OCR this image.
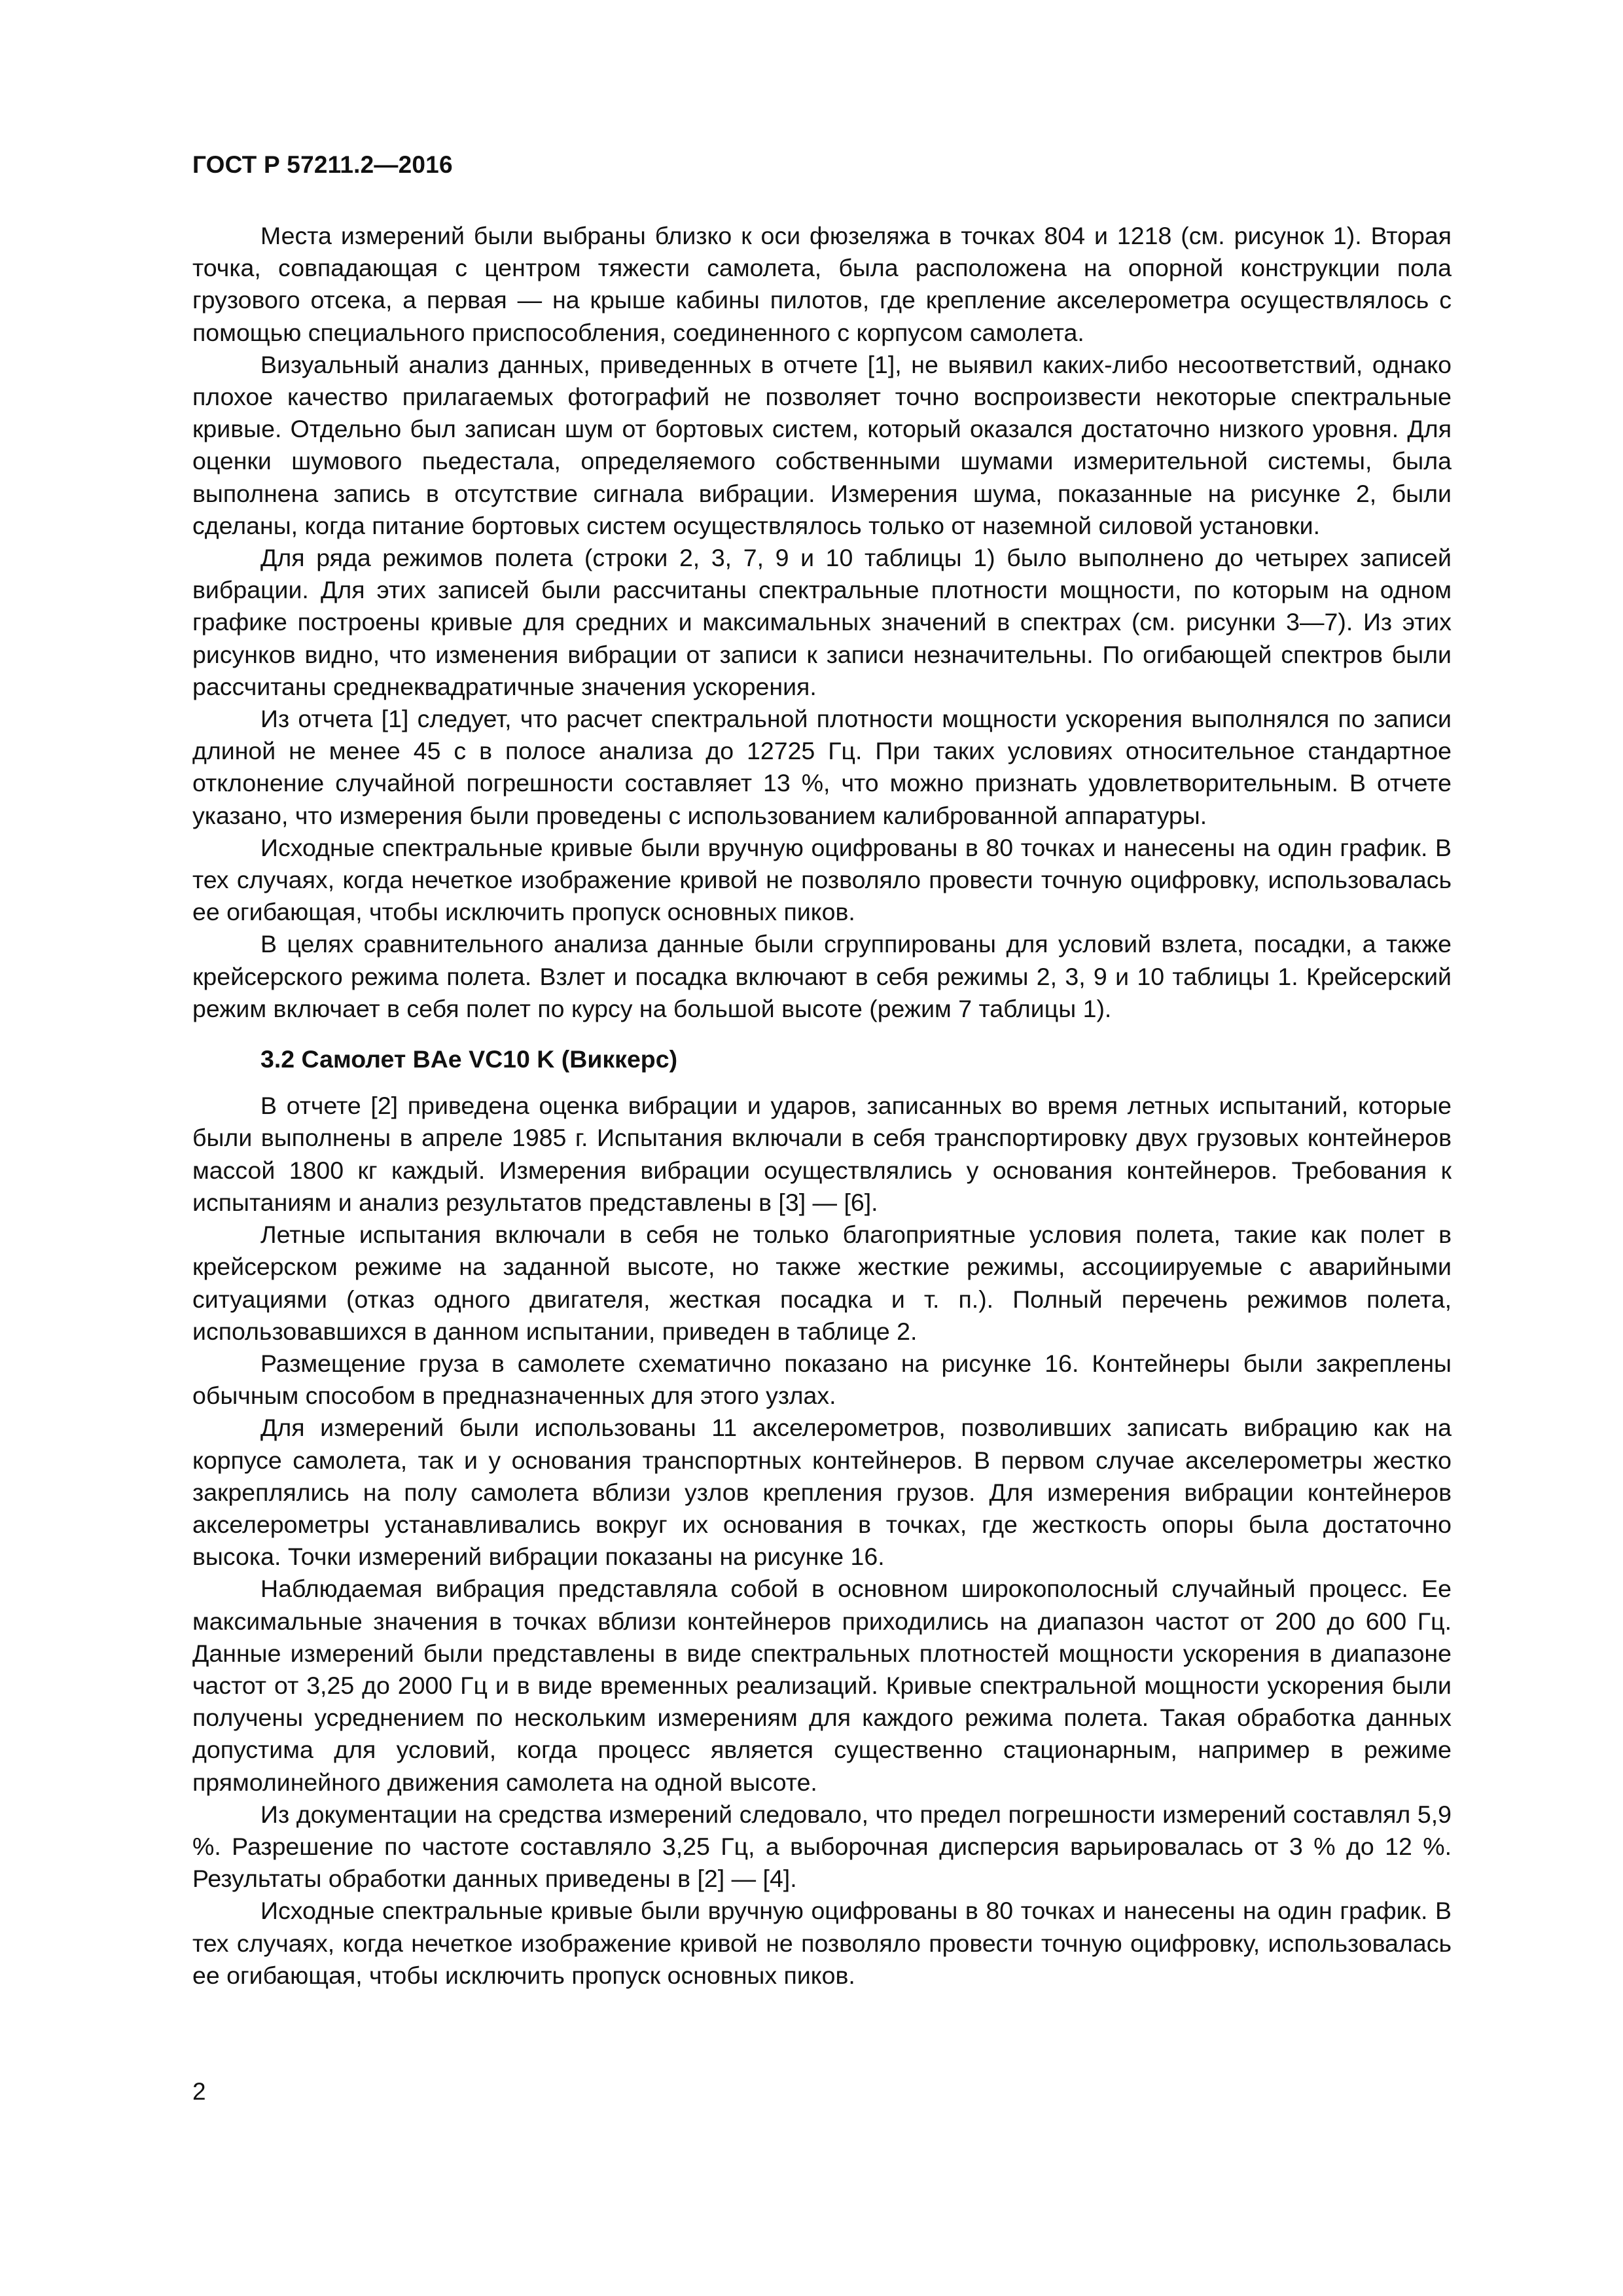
ГОСТ Р 57211.2—2016

Места измерений были выбраны близко к оси фюзеляжа в точках 804 и 1218 (см. рисунок 1). Вторая точка, совпадающая с центром тяжести самолета, была расположена на опорной конструкции пола грузового отсека, а первая — на крыше кабины пилотов, где крепление акселерометра осуществлялось с помощью специального приспособления, соединенного с корпусом самолета.

Визуальный анализ данных, приведенных в отчете [1], не выявил каких-либо несоответствий, однако плохое качество прилагаемых фотографий не позволяет точно воспроизвести некоторые спектральные кривые. Отдельно был записан шум от бортовых систем, который оказался достаточно низкого уровня. Для оценки шумового пьедестала, определяемого собственными шумами измерительной системы, была выполнена запись в отсутствие сигнала вибрации. Измерения шума, показанные на рисунке 2, были сделаны, когда питание бортовых систем осуществлялось только от наземной силовой установки.

Для ряда режимов полета (строки 2, 3, 7, 9 и 10 таблицы 1) было выполнено до четырех записей вибрации. Для этих записей были рассчитаны спектральные плотности мощности, по которым на одном графике построены кривые для средних и максимальных значений в спектрах (см. рисунки 3—7). Из этих рисунков видно, что изменения вибрации от записи к записи незначительны. По огибающей спектров были рассчитаны среднеквадратичные значения ускорения.

Из отчета [1] следует, что расчет спектральной плотности мощности ускорения выполнялся по записи длиной не менее 45 с в полосе анализа до 12725 Гц. При таких условиях относительное стандартное отклонение случайной погрешности составляет 13 %, что можно признать удовлетворительным. В отчете указано, что измерения были проведены с использованием калиброванной аппаратуры.

Исходные спектральные кривые были вручную оцифрованы в 80 точках и нанесены на один график. В тех случаях, когда нечеткое изображение кривой не позволяло провести точную оцифровку, использовалась ее огибающая, чтобы исключить пропуск основных пиков.

В целях сравнительного анализа данные были сгруппированы для условий взлета, посадки, а также крейсерского режима полета. Взлет и посадка включают в себя режимы 2, 3, 9 и 10 таблицы 1. Крейсерский режим включает в себя полет по курсу на большой высоте (режим 7 таблицы 1).

3.2 Самолет BAe VC10 K (Виккерс)

В отчете [2] приведена оценка вибрации и ударов, записанных во время летных испытаний, которые были выполнены в апреле 1985 г. Испытания включали в себя транспортировку двух грузовых контейнеров массой 1800 кг каждый. Измерения вибрации осуществлялись у основания контейнеров. Требования к испытаниям и анализ результатов представлены в [3] — [6].

Летные испытания включали в себя не только благоприятные условия полета, такие как полет в крейсерском режиме на заданной высоте, но также жесткие режимы, ассоциируемые с аварийными ситуациями (отказ одного двигателя, жесткая посадка и т. п.). Полный перечень режимов полета, использовавшихся в данном испытании, приведен в таблице 2.

Размещение груза в самолете схематично показано на рисунке 16. Контейнеры были закреплены обычным способом в предназначенных для этого узлах.

Для измерений были использованы 11 акселерометров, позволивших записать вибрацию как на корпусе самолета, так и у основания транспортных контейнеров. В первом случае акселерометры жестко закреплялись на полу самолета вблизи узлов крепления грузов. Для измерения вибрации контейнеров акселерометры устанавливались вокруг их основания в точках, где жесткость опоры была достаточно высока. Точки измерений вибрации показаны на рисунке 16.

Наблюдаемая вибрация представляла собой в основном широкополосный случайный процесс. Ее максимальные значения в точках вблизи контейнеров приходились на диапазон частот от 200 до 600 Гц. Данные измерений были представлены в виде спектральных плотностей мощности ускорения в диапазоне частот от 3,25 до 2000 Гц и в виде временных реализаций. Кривые спектральной мощности ускорения были получены усреднением по нескольким измерениям для каждого режима полета. Такая обработка данных допустима для условий, когда процесс является существенно стационарным, например в режиме прямолинейного движения самолета на одной высоте.

Из документации на средства измерений следовало, что предел погрешности измерений составлял 5,9 %. Разрешение по частоте составляло 3,25 Гц, а выборочная дисперсия варьировалась от 3 % до 12 %. Результаты обработки данных приведены в [2] — [4].

Исходные спектральные кривые были вручную оцифрованы в 80 точках и нанесены на один график. В тех случаях, когда нечеткое изображение кривой не позволяло провести точную оцифровку, использовалась ее огибающая, чтобы исключить пропуск основных пиков.

2
